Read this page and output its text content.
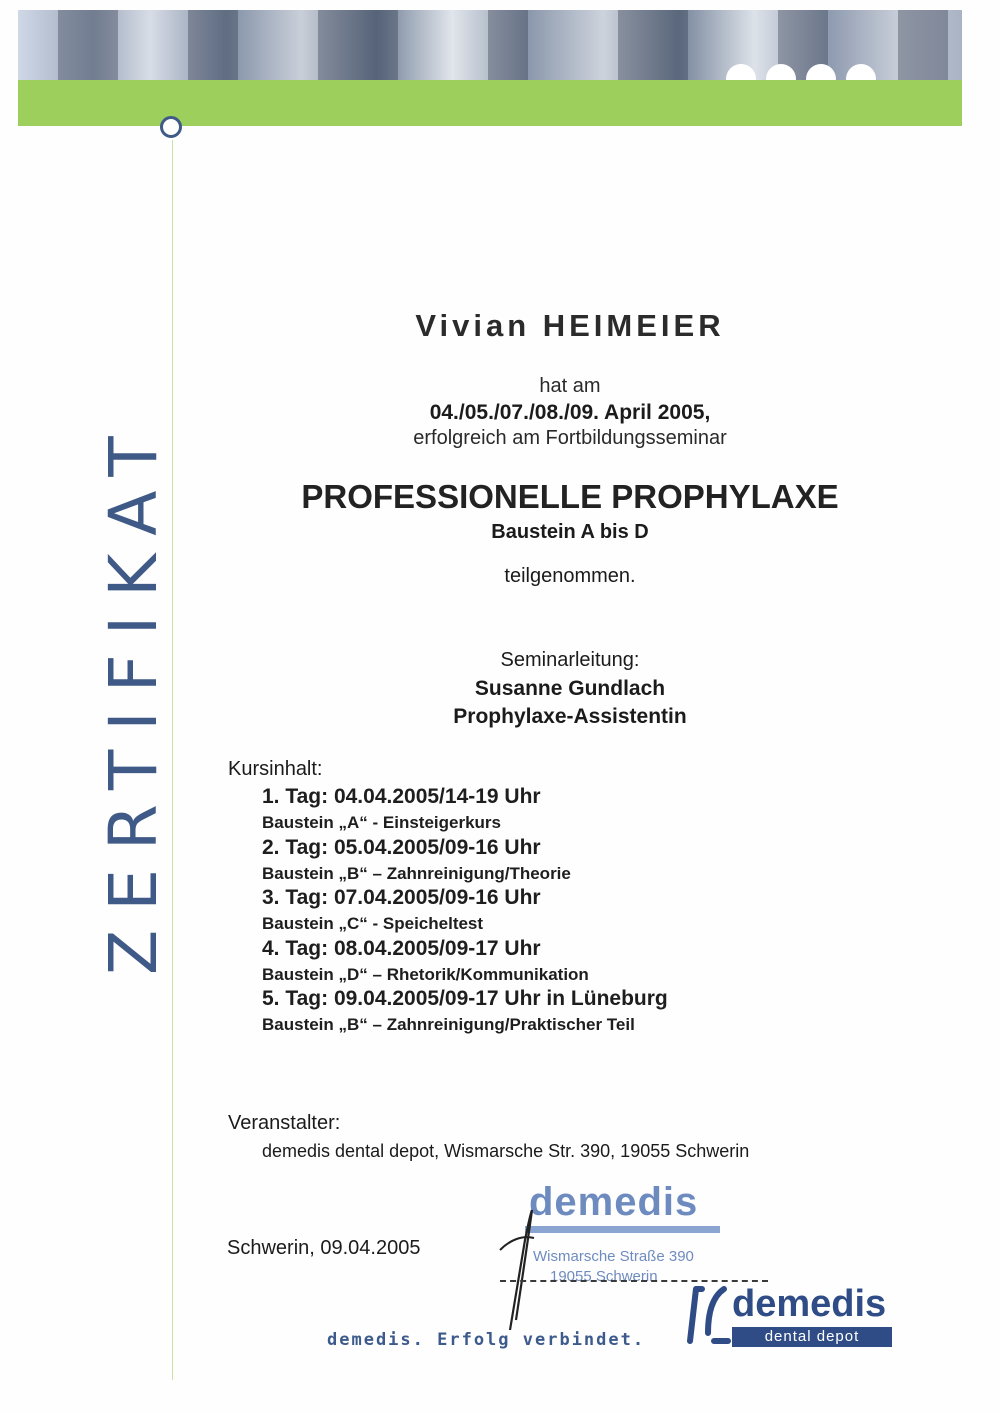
ZERTIFIKAT
Vivian HEIMEIER
hat am
04./05./07./08./09. April 2005,
erfolgreich am Fortbildungsseminar
PROFESSIONELLE PROPHYLAXE
Baustein A bis D
teilgenommen.
Seminarleitung:
Susanne Gundlach
Prophylaxe-Assistentin
Kursinhalt:
1. Tag: 04.04.2005/14-19 Uhr
Baustein „A“ - Einsteigerkurs
2. Tag: 05.04.2005/09-16 Uhr
Baustein „B“ – Zahnreinigung/Theorie
3. Tag: 07.04.2005/09-16 Uhr
Baustein „C“ - Speicheltest
4. Tag: 08.04.2005/09-17 Uhr
Baustein „D“ – Rhetorik/Kommunikation
5. Tag: 09.04.2005/09-17 Uhr in Lüneburg
Baustein „B“ – Zahnreinigung/Praktischer Teil
Veranstalter:
demedis dental depot, Wismarsche Str. 390, 19055 Schwerin
Schwerin, 09.04.2005
demedis
Wismarsche Straße 390
19055 Schwerin
demedis. Erfolg verbindet.
demedis
dental depot
